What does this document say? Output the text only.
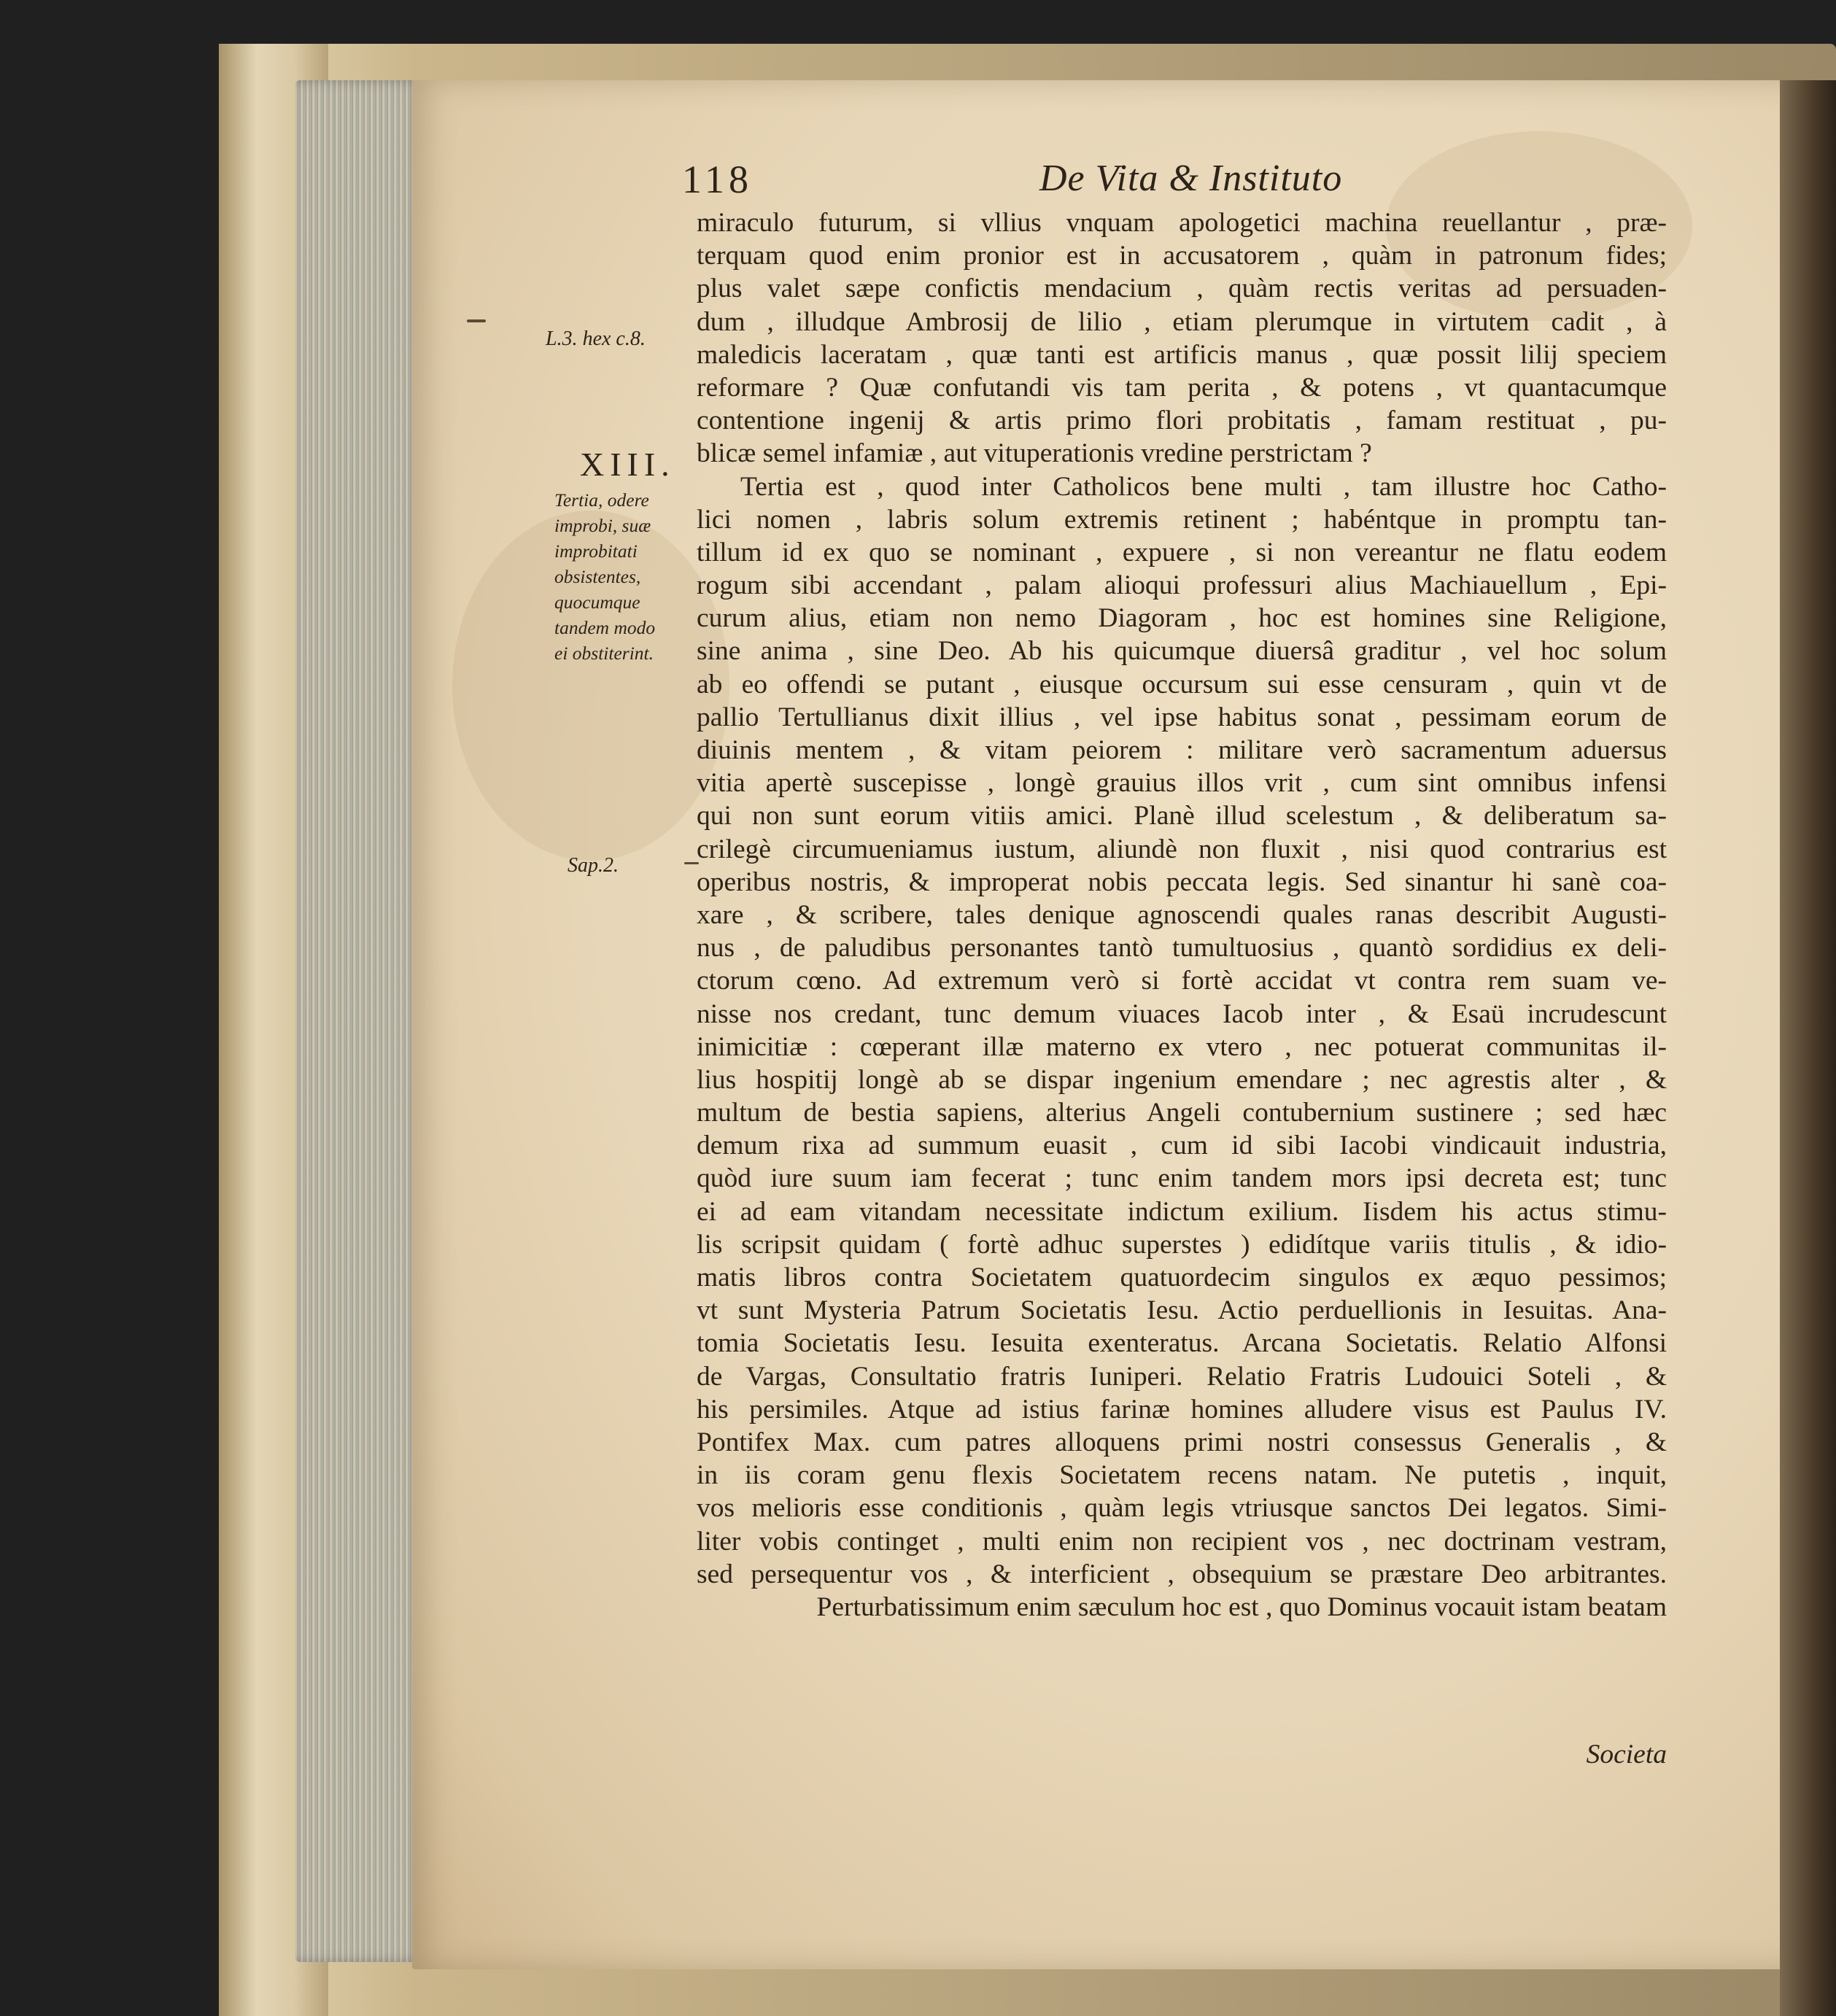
118	De Vita & Instituto
L.3. hex c.8.
XIII.
Tertia, odere
improbi, suæ
improbitati
obsistentes,
quocumque
tandem modo
ei obstiterint.
Sap.2.
miraculo futurum, si vllius vnquam apologetici machina reuellantur , præ-
terquam quod enim pronior est in accusatorem , quàm in patronum fides;
plus valet sæpe confictis mendacium , quàm rectis veritas ad persuaden-
dum , illudque Ambrosij de lilio , etiam plerumque in virtutem cadit , à
maledicis laceratam , quæ tanti est artificis manus , quæ possit lilij speciem
reformare ? Quæ confutandi vis tam perita , & potens , vt quantacumque
contentione ingenij & artis primo flori probitatis , famam restituat , pu-
blicæ semel infamiæ , aut vituperationis vredine perstrictam ?
Tertia est , quod inter Catholicos bene multi , tam illustre hoc Catho-
lici nomen , labris solum extremis retinent ; habéntque in promptu tan-
tillum id ex quo se nominant , expuere , si non vereantur ne flatu eodem
rogum sibi accendant , palam alioqui professuri alius Machiauellum , Epi-
curum alius, etiam non nemo Diagoram , hoc est homines sine Religione,
sine anima , sine Deo. Ab his quicumque diuersâ graditur , vel hoc solum
ab eo offendi se putant , eiusque occursum sui esse censuram , quin vt de
pallio Tertullianus dixit illius , vel ipse habitus sonat , pessimam eorum de
diuinis mentem , & vitam peiorem : militare verò sacramentum aduersus
vitia apertè suscepisse , longè grauius illos vrit , cum sint omnibus infensi
qui non sunt eorum vitiis amici. Planè illud scelestum , & deliberatum sa-
crilegè circumueniamus iustum, aliundè non fluxit , nisi quod contrarius est
operibus nostris, & improperat nobis peccata legis. Sed sinantur hi sanè coa-
xare , & scribere, tales denique agnoscendi quales ranas describit Augusti-
nus , de paludibus personantes tantò tumultuosius , quantò sordidius ex deli-
ctorum cœno. Ad extremum verò si fortè accidat vt contra rem suam ve-
nisse nos credant, tunc demum viuaces Iacob inter , & Esaü incrudescunt
inimicitiæ : cœperant illæ materno ex vtero , nec potuerat communitas il-
lius hospitij longè ab se dispar ingenium emendare ; nec agrestis alter , &
multum de bestia sapiens, alterius Angeli contubernium sustinere ; sed hæc
demum rixa ad summum euasit , cum id sibi Iacobi vindicauit industria,
quòd iure suum iam fecerat ; tunc enim tandem mors ipsi decreta est; tunc
ei ad eam vitandam necessitate indictum exilium. Iisdem his actus stimu-
lis scripsit quidam ( fortè adhuc superstes ) edidítque variis titulis , & idio-
matis libros contra Societatem quatuordecim singulos ex æquo pessimos;
vt sunt Mysteria Patrum Societatis Iesu. Actio perduellionis in Iesuitas. Ana-
tomia Societatis Iesu. Iesuita exenteratus. Arcana Societatis. Relatio Alfonsi
de Vargas, Consultatio fratris Iuniperi. Relatio Fratris Ludouici Soteli , &
his persimiles. Atque ad istius farinæ homines alludere visus est Paulus IV.
Pontifex Max. cum patres alloquens primi nostri consessus Generalis , &
in iis coram genu flexis Societatem recens natam. Ne putetis , inquit,
vos melioris esse conditionis , quàm legis vtriusque sanctos Dei legatos. Simi-
liter vobis continget , multi enim non recipient vos , nec doctrinam vestram,
sed persequentur vos , & interficient , obsequium se præstare Deo arbitrantes.
Perturbatissimum enim sæculum hoc est , quo Dominus vocauit istam beatam
Societa
